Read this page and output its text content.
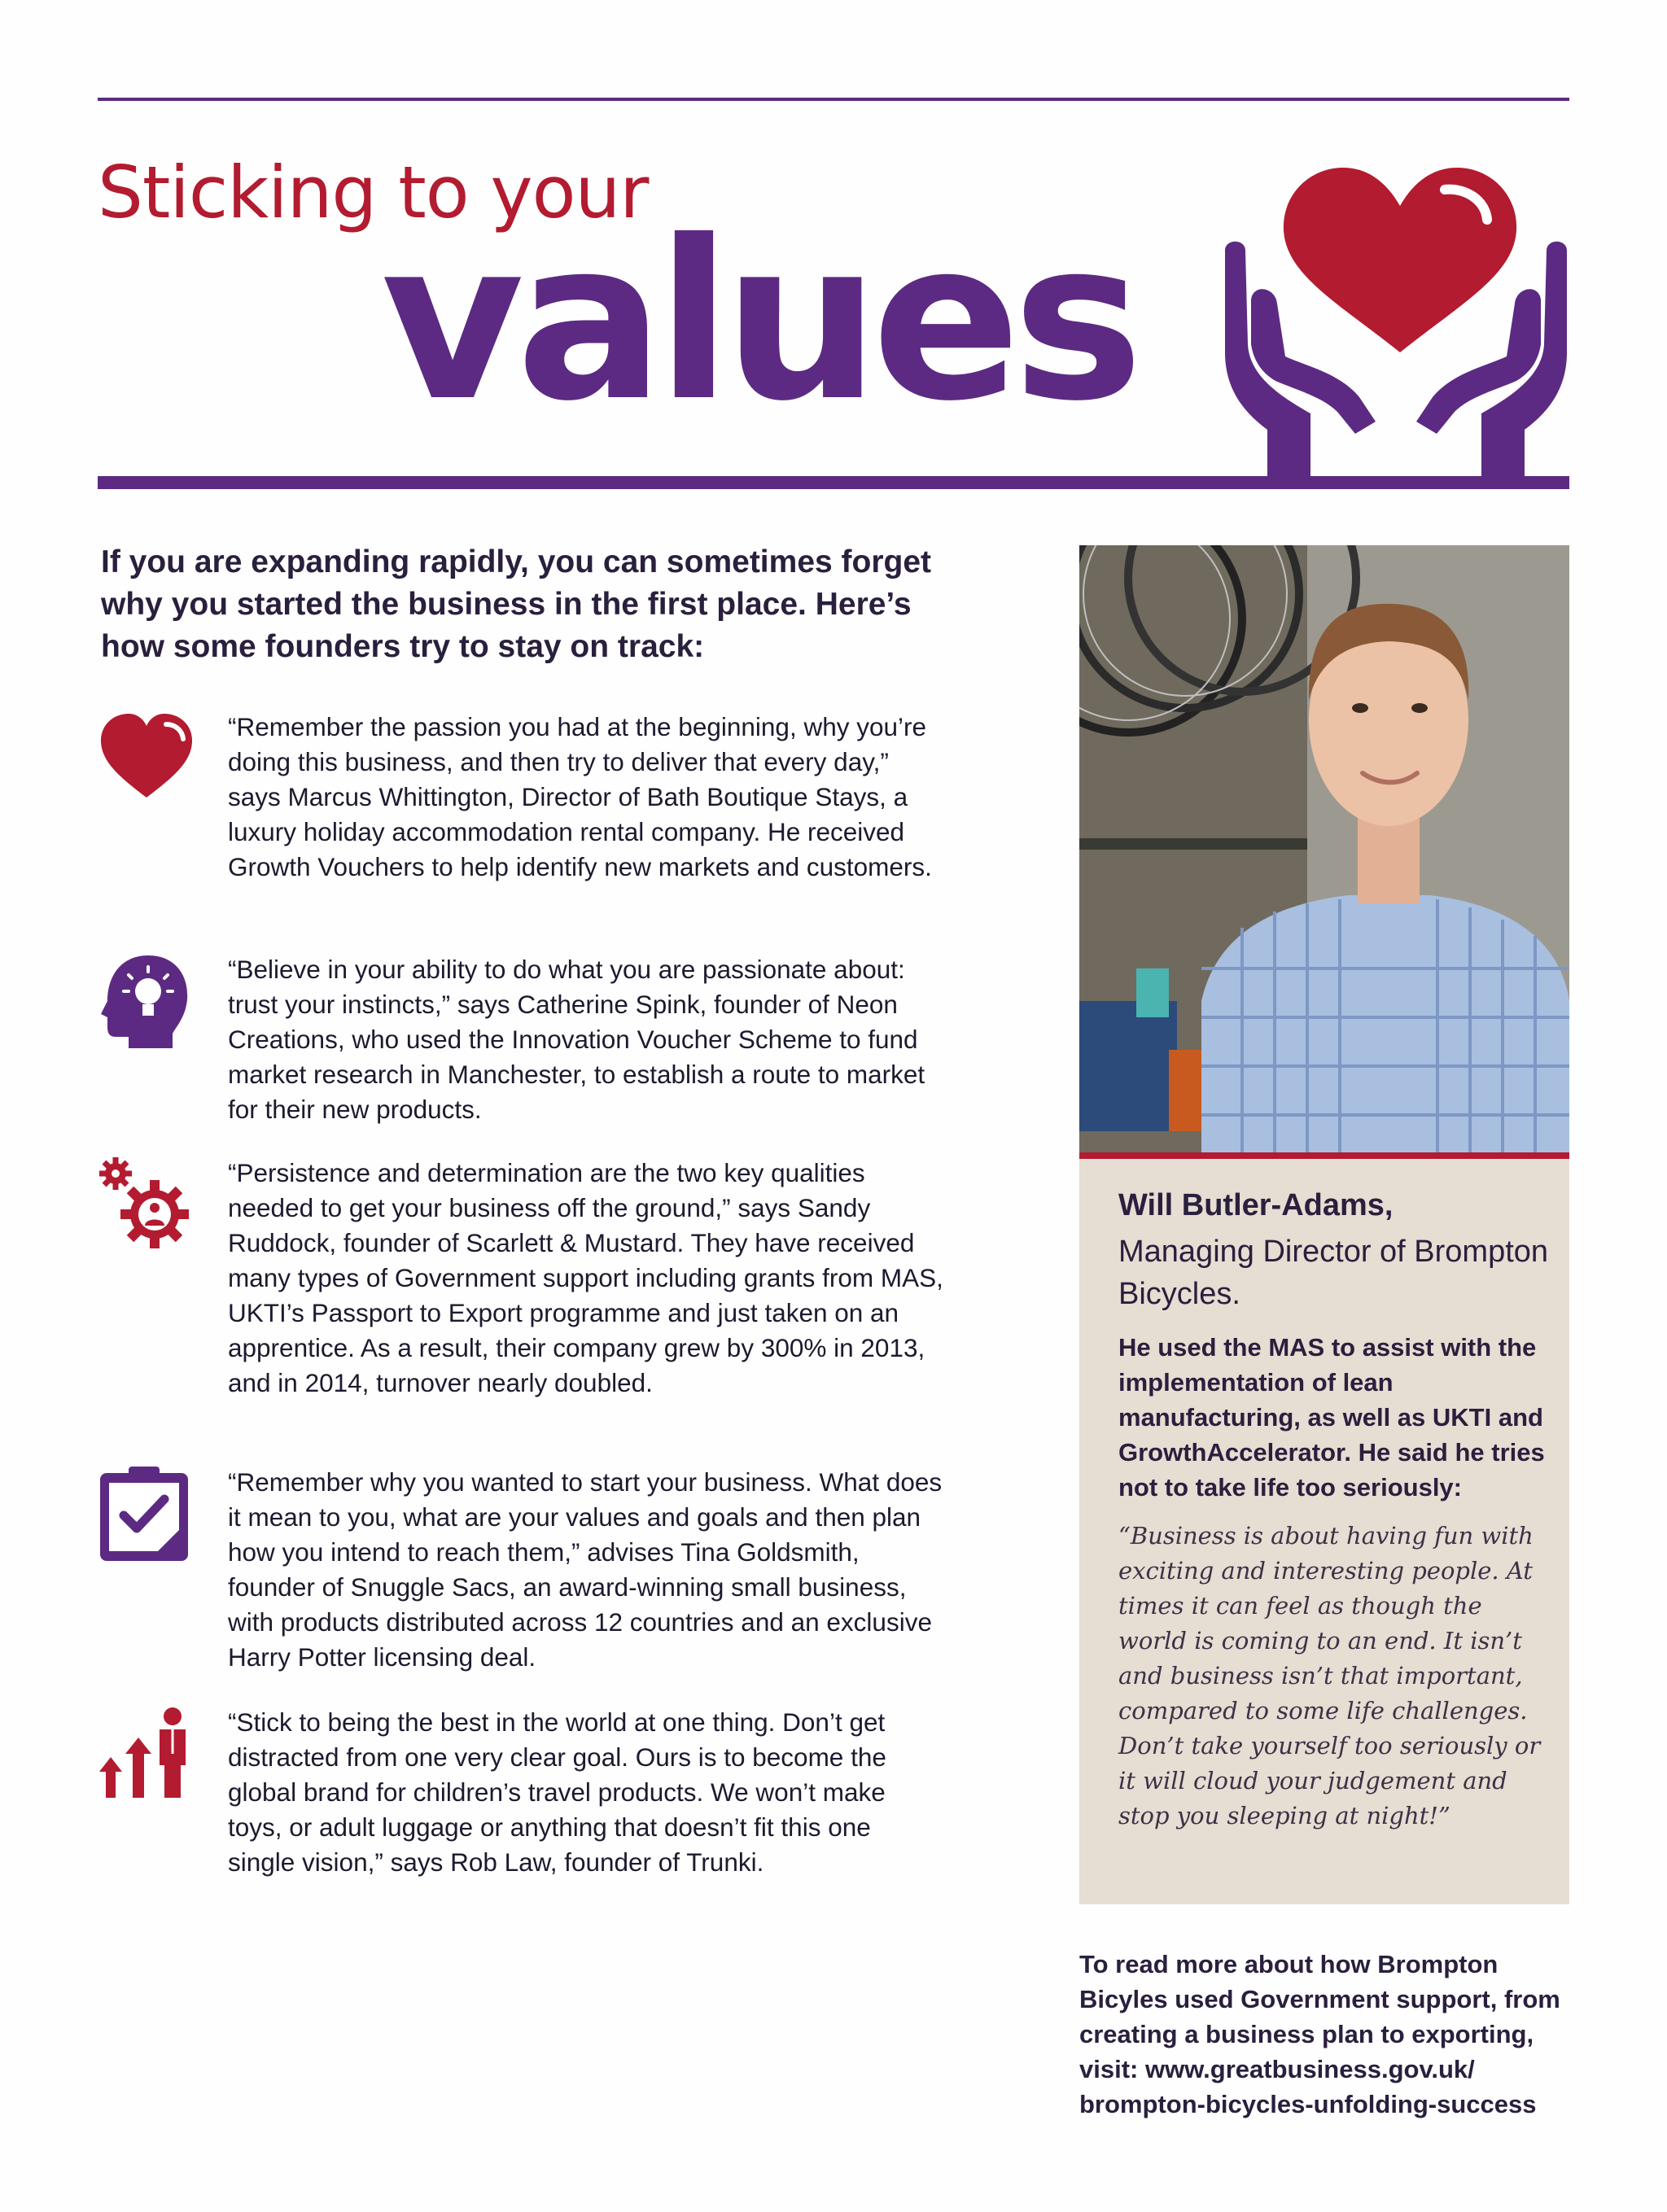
Sticking to your
values

If you are expanding rapidly, you can sometimes forget why you started the business in the first place. Here’s how some founders try to stay on track:

“Remember the passion you had at the beginning, why you’re doing this business, and then try to deliver that every day,” says Marcus Whittington, Director of Bath Boutique Stays, a luxury holiday accommodation rental company. He received Growth Vouchers to help identify new markets and customers.

“Believe in your ability to do what you are passionate about: trust your instincts,” says Catherine Spink, founder of Neon Creations, who used the Innovation Voucher Scheme to fund market research in Manchester, to establish a route to market for their new products.

“Persistence and determination are the two key qualities needed to get your business off the ground,” says Sandy Ruddock, founder of Scarlett & Mustard. They have received many types of Government support including grants from MAS, UKTI’s Passport to Export programme and just taken on an apprentice. As a result, their company grew by 300% in 2013, and in 2014, turnover nearly doubled.

“Remember why you wanted to start your business. What does it mean to you, what are your values and goals and then plan how you intend to reach them,” advises Tina Goldsmith, founder of Snuggle Sacs, an award-winning small business, with products distributed across 12 countries and an exclusive Harry Potter licensing deal.

“Stick to being the best in the world at one thing. Don’t get distracted from one very clear goal. Ours is to become the global brand for children’s travel products. We won’t make toys, or adult luggage or anything that doesn’t fit this one single vision,” says Rob Law, founder of Trunki.

Will Butler-Adams,

Managing Director of Brompton Bicycles.

He used the MAS to assist with the implementation of lean manufacturing, as well as UKTI and GrowthAccelerator. He said he tries not to take life too seriously:

“Business is about having fun with exciting and interesting people. At times it can feel as though the world is coming to an end. It isn’t and business isn’t that important, compared to some life challenges. Don’t take yourself too seriously or it will cloud your judgement and stop you sleeping at night!”

To read more about how Brompton Bicyles used Government support, from creating a business plan to exporting, visit: www.greatbusiness.gov.uk/ brompton-bicycles-unfolding-success
